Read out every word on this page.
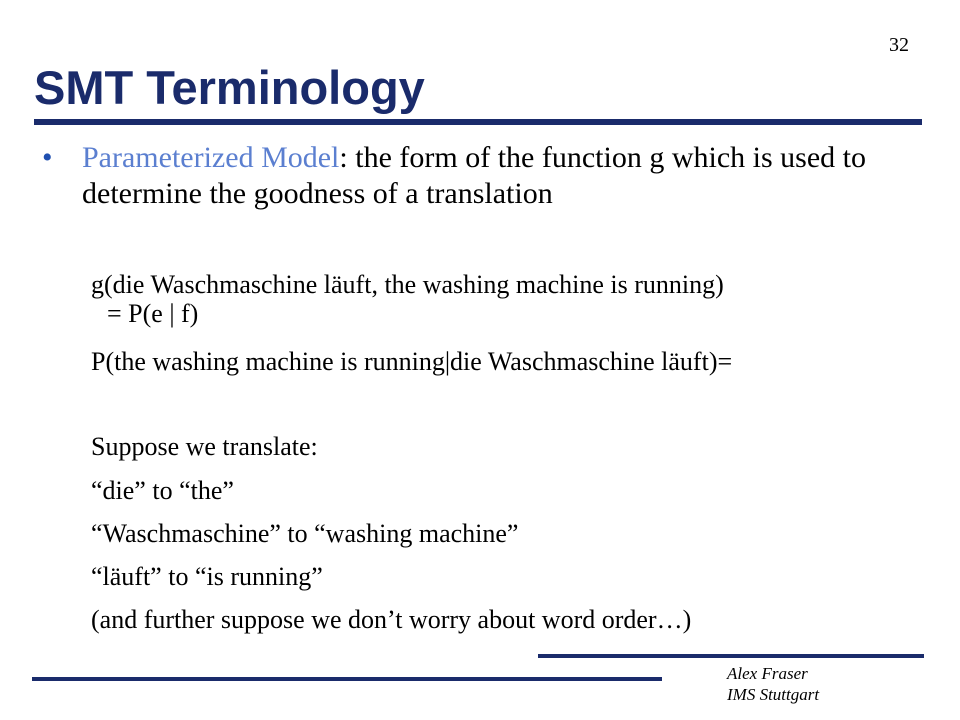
32
SMT Terminology
• Parameterized Model: the form of the function g which is used to determine the goodness of a translation
g(die Waschmaschine läuft, the washing machine is running)
= P(e | f)
P(the washing machine is running|die Waschmaschine läuft)=
Suppose we translate:
“die” to “the”
“Waschmaschine” to “washing machine”
“läuft” to “is running”
(and further suppose we don’t worry about word order…)
Alex Fraser
IMS Stuttgart
